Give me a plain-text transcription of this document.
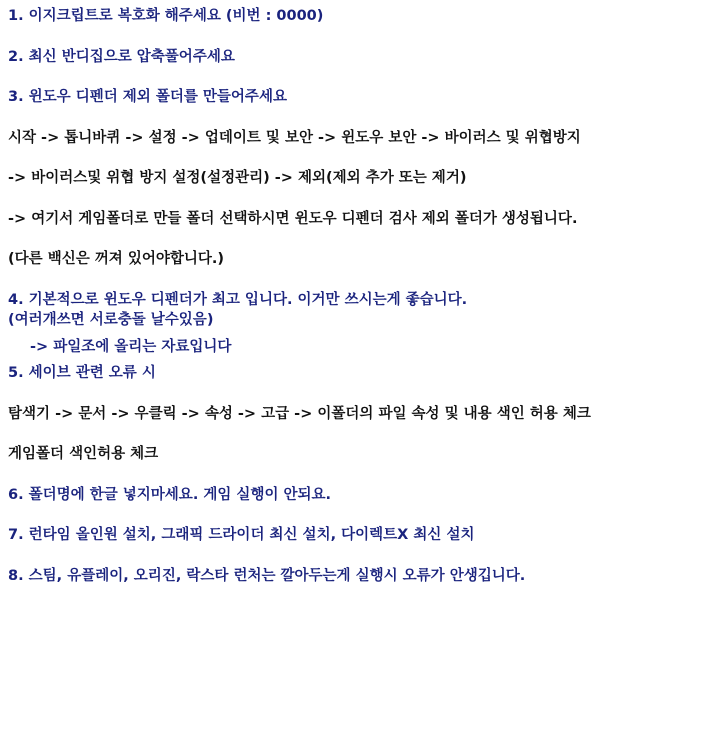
1. 이지크립트로 복호화 해주세요 (비번 : 0000)
2. 최신 반디집으로 압축풀어주세요
3. 윈도우 디펜더 제외 폴더를 만들어주세요
시작 -> 톱니바퀴 -> 설정 -> 업데이트 및 보안 -> 윈도우 보안 -> 바이러스 및 위협방지
-> 바이러스및 위협 방지 설정(설정관리) -> 제외(제외 추가 또는 제거)
-> 여기서 게임폴더로 만들 폴더 선택하시면 윈도우 디펜더 검사 제외 폴더가 생성됩니다.
(다른 백신은 꺼져 있어야합니다.)
4. 기본적으로 윈도우 디펜더가 최고 입니다. 이거만 쓰시는게 좋습니다.
(여러개쓰면 서로충돌 날수있음)
-> 파일조에 올리는 자료입니다
5. 세이브 관련 오류 시
탐색기 -> 문서 -> 우클릭 -> 속성 -> 고급 -> 이폴더의 파일 속성 및 내용 색인 허용 체크
게임폴더 색인허용 체크
6. 폴더명에 한글 넣지마세요. 게임 실행이 안되요.
7. 런타임 올인원 설치, 그래픽 드라이더 최신 설치, 다이렉트X 최신 설치
8. 스팀, 유플레이, 오리진, 락스타 런처는 깔아두는게 실행시 오류가 안생깁니다.
